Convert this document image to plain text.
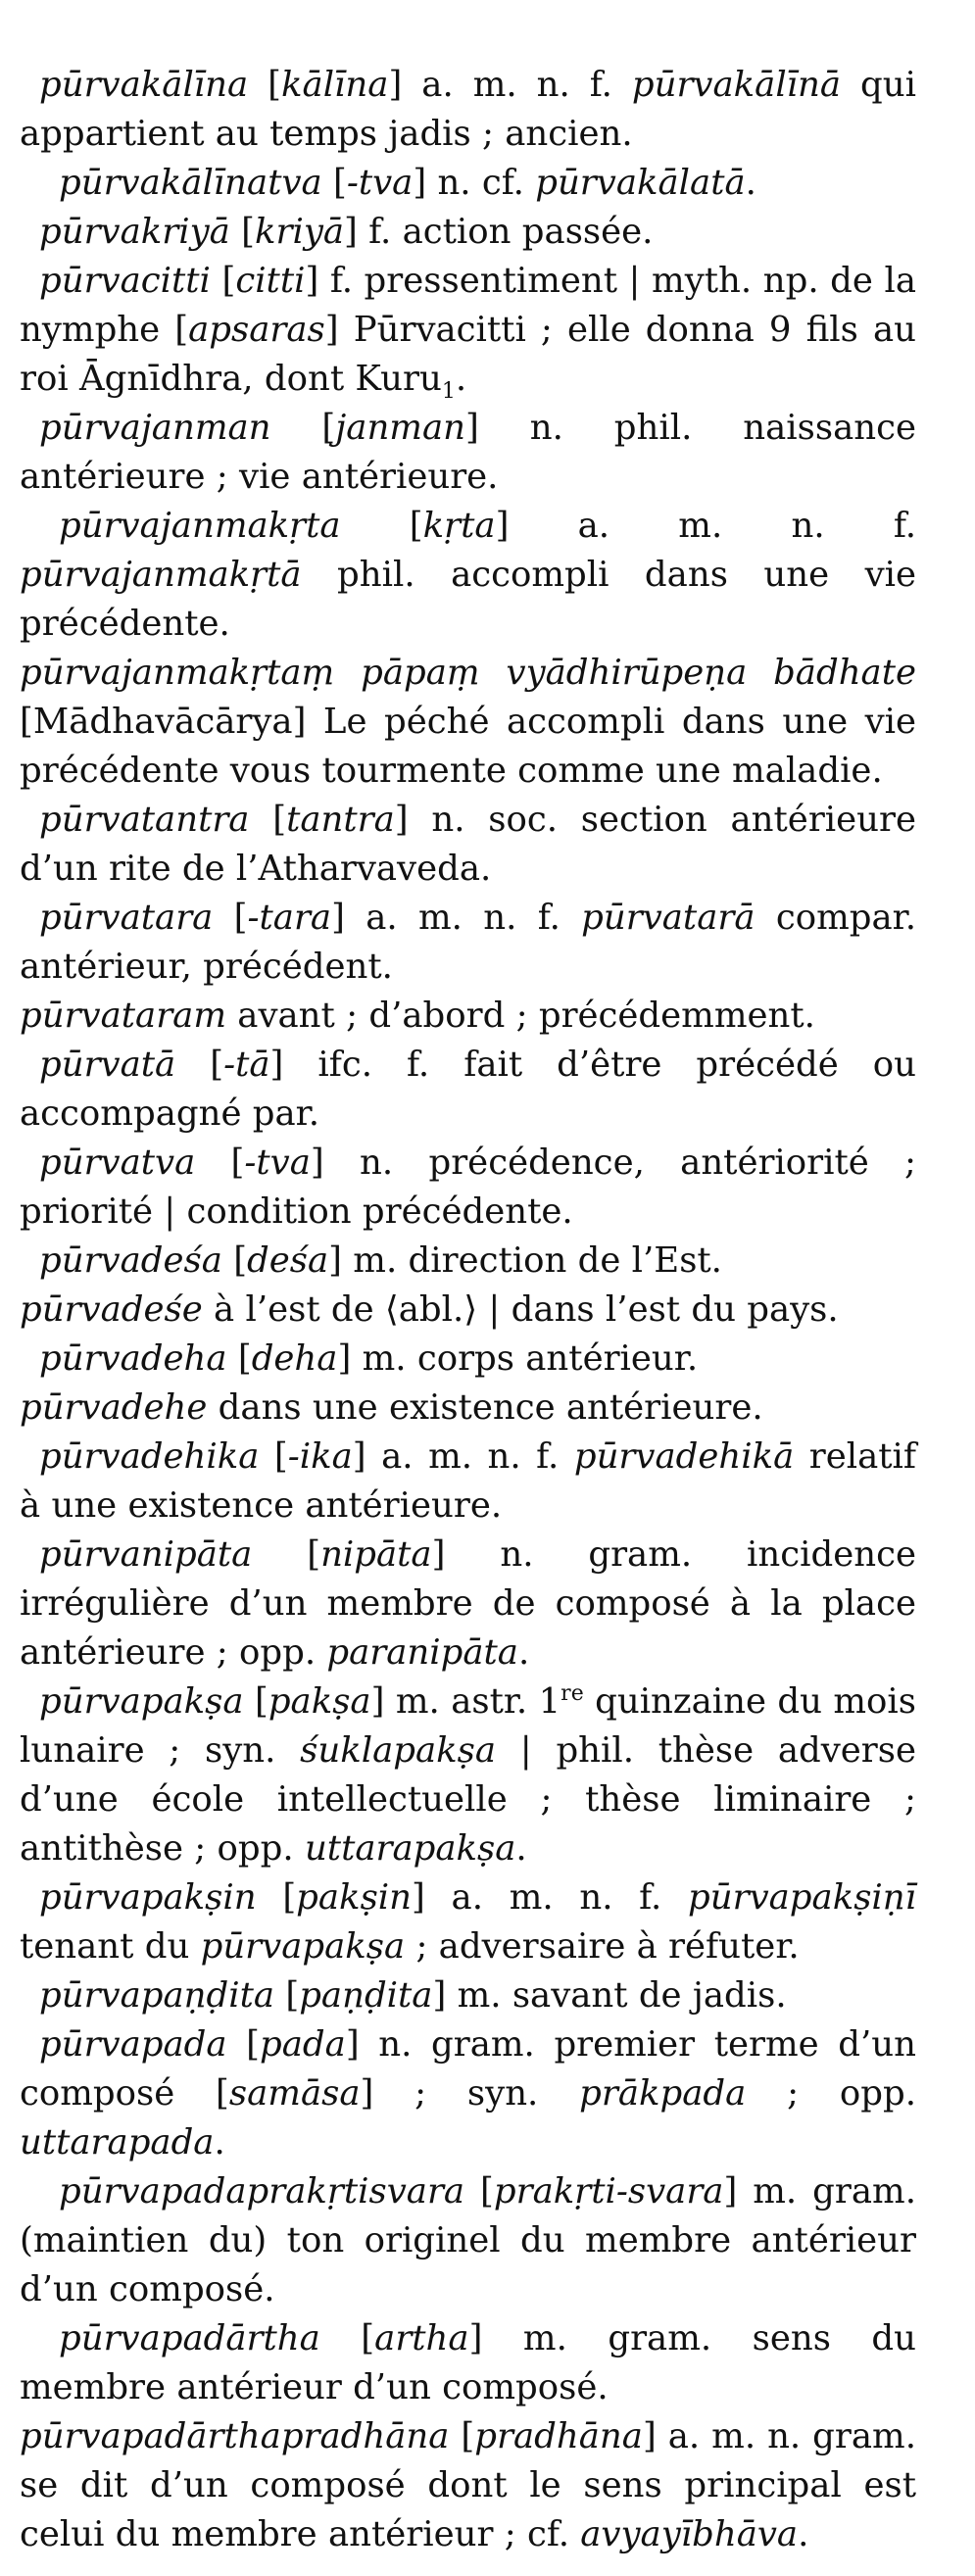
pūrvakālīna [kālīna] a. m. n. f. pūrvakālīnā qui appartient au temps jadis ; ancien.

pūrvakālīnatva [-tva] n. cf. pūrvakālatā.

pūrvakriyā [kriyā] f. action passée.

pūrvacitti [citti] f. pressentiment | myth. np. de la nymphe [apsaras] Pūrvacitti ; elle donna 9 fils au roi Āgnīdhra, dont Kuru$_1$.

pūrvajanman [janman] n. phil. naissance antérieure ; vie antérieure.

pūrvajanmakṛta [kṛta] a. m. n. f. pūrvajanmakṛtā phil. accompli dans une vie précédente.

pūrvajanmakṛtaṃ pāpaṃ vyādhirūpeṇa bādhate [Mādhavācārya] Le péché accompli dans une vie précédente vous tourmente comme une maladie.

pūrvatantra [tantra] n. soc. section antérieure d’un rite de l’Atharvaveda.

pūrvatara [-tara] a. m. n. f. pūrvatarā compar. antérieur, précédent.

pūrvataram avant ; d’abord ; précédemment.

pūrvatā [-tā] ifc. f. fait d’être précédé ou accompagné par.

pūrvatva [-tva] n. précédence, antériorité ; priorité | condition précédente.

pūrvadeśa [deśa] m. direction de l’Est.

pūrvadeśe à l’est de ⟨abl.⟩ | dans l’est du pays.

pūrvadeha [deha] m. corps antérieur.

pūrvadehe dans une existence antérieure.

pūrvadehika [-ika] a. m. n. f. pūrvadehikā relatif à une existence antérieure.

pūrvanipāta [nipāta] n. gram. incidence irrégulière d’un membre de composé à la place antérieure ; opp. paranipāta.

pūrvapakṣa [pakṣa] m. astr. 1re quinzaine du mois lunaire ; syn. śuklapakṣa | phil. thèse adverse d’une école intellectuelle ; thèse liminaire ; antithèse ; opp. uttarapakṣa.

pūrvapakṣin [pakṣin] a. m. n. f. pūrvapakṣiṇī tenant du pūrvapakṣa ; adversaire à réfuter.

pūrvapaṇḍita [paṇḍita] m. savant de jadis.

pūrvapada [pada] n. gram. premier terme d’un composé [samāsa] ; syn. prākpada ; opp. uttarapada.

pūrvapadaprakṛtisvara [prakṛti-svara] m. gram. (maintien du) ton originel du membre antérieur d’un composé.

pūrvapadārtha [artha] m. gram. sens du membre antérieur d’un composé.

pūrvapadārthapradhāna [pradhāna] a. m. n. gram. se dit d’un composé dont le sens principal est celui du membre antérieur ; cf. avyayībhāva.
